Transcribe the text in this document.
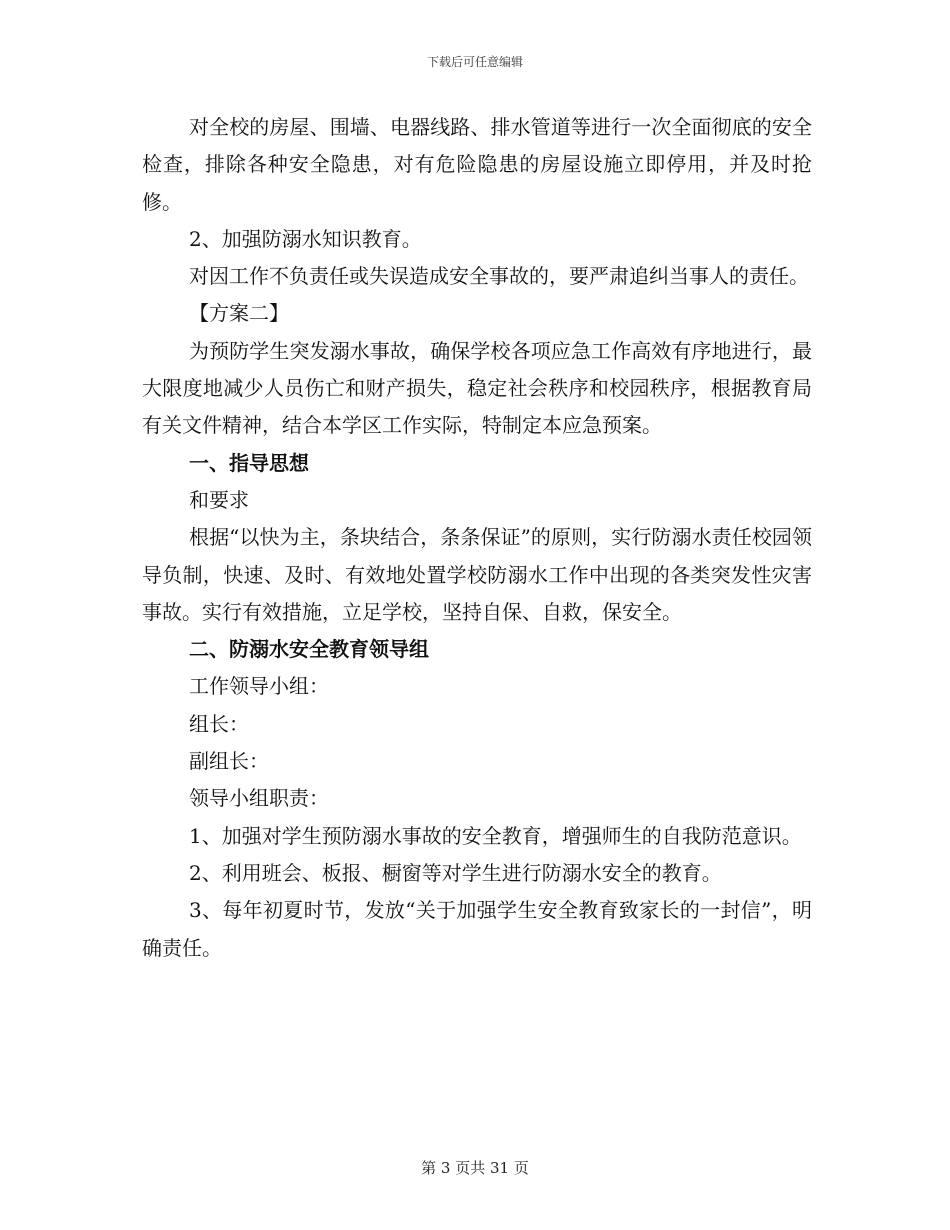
下载后可任意编辑

对全校的房屋、围墙、电器线路、排水管道等进行一次全面彻底的安全检查，排除各种安全隐患，对有危险隐患的房屋设施立即停用，并及时抢修。

2、加强防溺水知识教育。

对因工作不负责任或失误造成安全事故的，要严肃追纠当事人的责任。

【方案二】

为预防学生突发溺水事故，确保学校各项应急工作高效有序地进行，最大限度地减少人员伤亡和财产损失，稳定社会秩序和校园秩序，根据教育局有关文件精神，结合本学区工作实际，特制定本应急预案。

一、指导思想

和要求

根据“以快为主，条块结合，条条保证”的原则，实行防溺水责任校园领导负制，快速、及时、有效地处置学校防溺水工作中出现的各类突发性灾害事故。实行有效措施，立足学校，坚持自保、自救，保安全。

二、防溺水安全教育领导组

工作领导小组：

组长：

副组长：

领导小组职责：

1、加强对学生预防溺水事故的安全教育，增强师生的自我防范意识。

2、利用班会、板报、橱窗等对学生进行防溺水安全的教育。

3、每年初夏时节，发放“关于加强学生安全教育致家长的一封信”，明确责任。

第 3 页共 31 页
